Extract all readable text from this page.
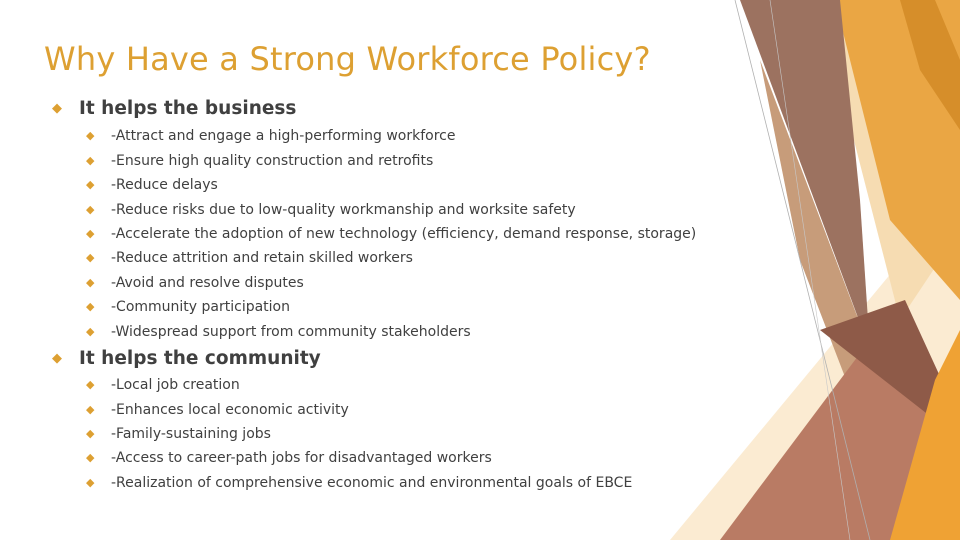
Why Have a Strong Workforce Policy?
◆ It helps the business
◆ -Attract and engage a high-performing workforce
◆ -Ensure high quality construction and retrofits
◆ -Reduce delays
◆ -Reduce risks due to low-quality workmanship and worksite safety
◆ -Accelerate the adoption of new technology (efficiency, demand response, storage)
◆ -Reduce attrition and retain skilled workers
◆ -Avoid and resolve disputes
◆ -Community participation
◆ -Widespread support from community stakeholders
◆ It helps the community
◆ -Local job creation
◆ -Enhances local economic activity
◆ -Family-sustaining jobs
◆ -Access to career-path jobs for disadvantaged workers
◆ -Realization of comprehensive economic and environmental goals of EBCE
